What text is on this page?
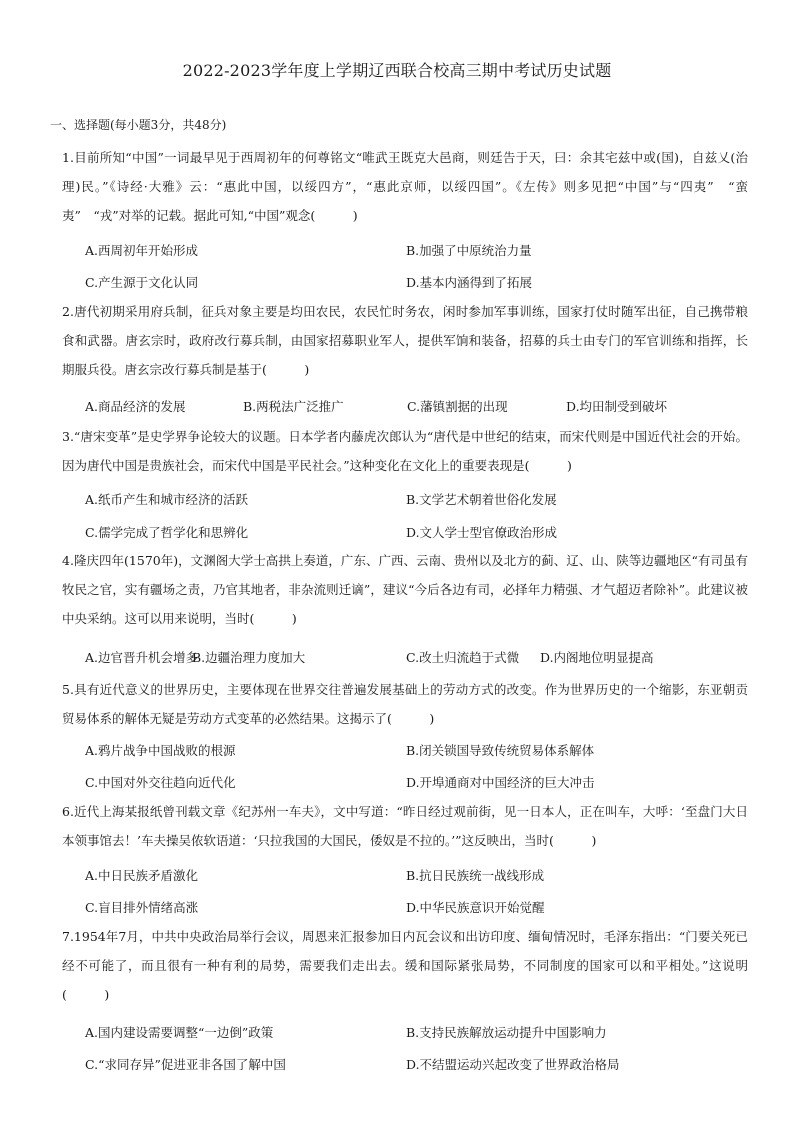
2022-2023学年度上学期辽西联合校高三期中考试历史试题
一、选择题(每小题3分，共48分)
1.目前所知“中国”一词最早见于西周初年的何尊铭文“唯武王既克大邑商，则廷告于天，曰：余其宅兹中或(国)，自兹乂(治理)民。”《诗经·大雅》云：“惠此中国，以绥四方”，“惠此京师，以绥四国”。《左传》则多见把“中国”与“四夷”　“蛮夷”　“戎”对举的记载。据此可知,“中国”观念(　　　)
A.西周初年开始形成	B.加强了中原统治力量
C.产生源于文化认同	D.基本内涵得到了拓展
2.唐代初期采用府兵制，征兵对象主要是均田农民，农民忙时务农，闲时参加军事训练，国家打仗时随军出征，自己携带粮食和武器。唐玄宗时，政府改行募兵制，由国家招募职业军人，提供军饷和装备，招募的兵士由专门的军官训练和指挥，长期服兵役。唐玄宗改行募兵制是基于(　　　)
A.商品经济的发展	B.两税法广泛推广	C.藩镇割据的出现	D.均田制受到破坏
3.“唐宋变革”是史学界争论较大的议题。日本学者内藤虎次郎认为“唐代是中世纪的结束，而宋代则是中国近代社会的开始。因为唐代中国是贵族社会，而宋代中国是平民社会。”这种变化在文化上的重要表现是(　　　)
A.纸币产生和城市经济的活跃	B.文学艺术朝着世俗化发展
C.儒学完成了哲学化和思辨化	D.文人学士型官僚政治形成
4.隆庆四年(1570年)，文渊阁大学士高拱上奏道，广东、广西、云南、贵州以及北方的蓟、辽、山、陕等边疆地区“有司虽有牧民之官，实有疆场之责，乃官其地者，非杂流则迁谪”，建议“今后各边有司，必择年力精强、才气超迈者除补”。此建议被中央采纳。这可以用来说明，当时(　　　)
A.边官晋升机会增多
B.边疆治理力度加大	C.改土归流趋于式微 D.内阁地位明显提高
5.具有近代意义的世界历史，主要体现在世界交往普遍发展基础上的劳动方式的改变。作为世界历史的一个缩影，东亚朝贡贸易体系的解体无疑是劳动方式变革的必然结果。这揭示了(　　　)
A.鸦片战争中国战败的根源	B.闭关锁国导致传统贸易体系解体
C.中国对外交往趋向近代化	D.开埠通商对中国经济的巨大冲击
6.近代上海某报纸曾刊载文章《纪苏州一车夫》，文中写道：“昨日经过观前街，见一日本人，正在叫车，大呼：‘至盘门大日本领事馆去！’车夫操吴侬软语道：‘只拉我国的大国民，倭奴是不拉的。’”这反映出，当时(　　　)
A.中日民族矛盾激化	B.抗日民族统一战线形成
C.盲目排外情绪高涨	D.中华民族意识开始觉醒
7.1954年7月，中共中央政治局举行会议，周恩来汇报参加日内瓦会议和出访印度、缅甸情况时，毛泽东指出：“门要关死已经不可能了，而且很有一种有利的局势，需要我们走出去。缓和国际紧张局势，不同制度的国家可以和平相处。”这说明(　　　)
A.国内建设需要调整“一边倒”政策	B.支持民族解放运动提升中国影响力
C.“求同存异”促进亚非各国了解中国	D.不结盟运动兴起改变了世界政治格局
